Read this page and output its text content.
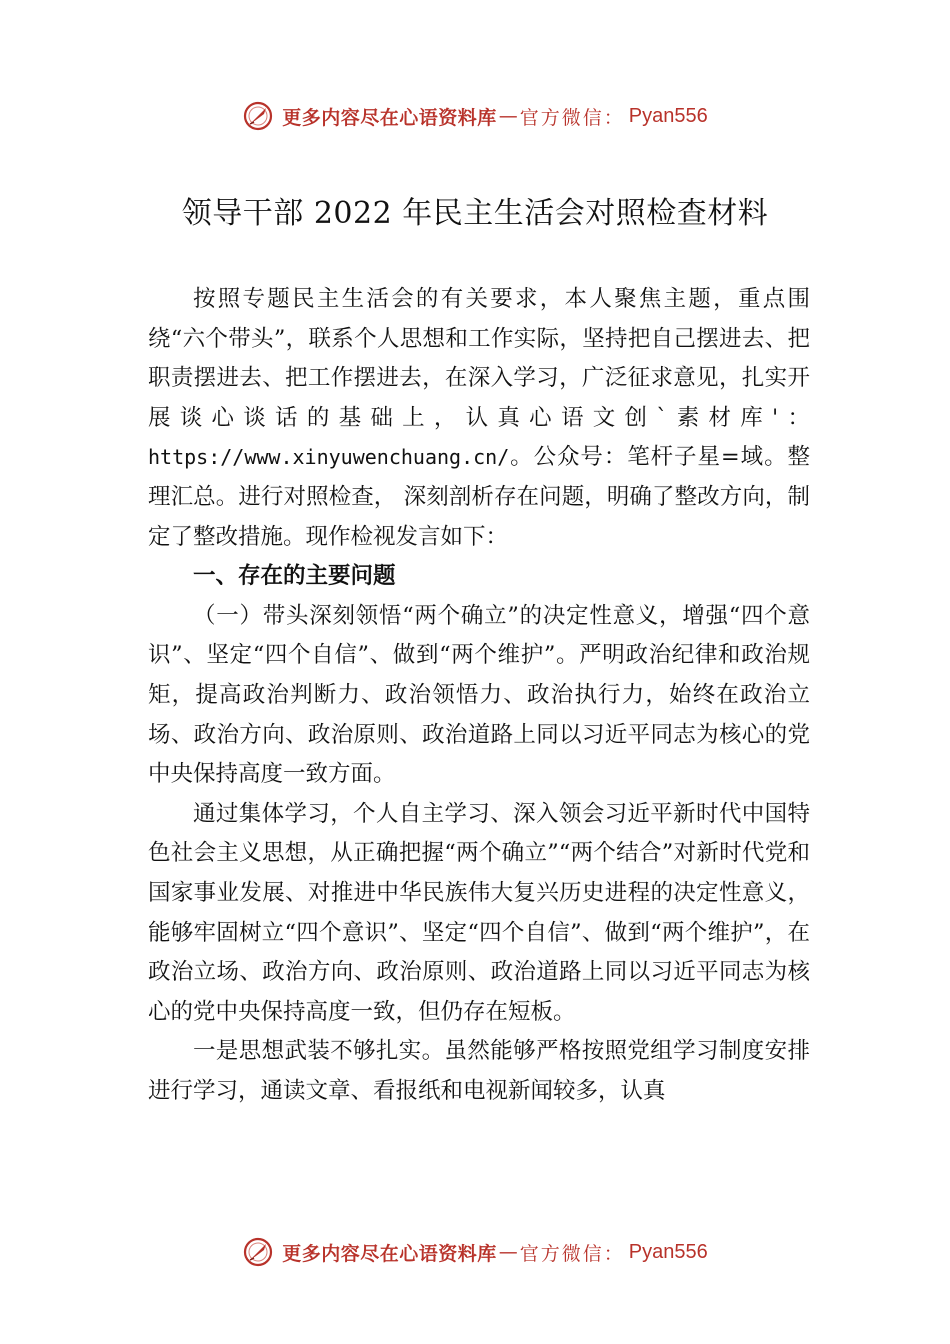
更多内容尽在心语资料库 — 官方微信： Pyan556
领导干部 2022 年民主生活会对照检查材料

按照专题民主生活会的有关要求，本人聚焦主题，重点围绕“六个带头”，联系个人思想和工作实际，坚持把自己摆进去、把职责摆进去、把工作摆进去，在深入学习，广泛征求意见，扎实开展谈心谈话的基础上，认真心语文创`素材库'：https://www.xinyuwenchuang.cn/。公众号：笔杆子星=域。整理汇总。进行对照检查， 深刻剖析存在问题，明确了整改方向，制定了整改措施。现作检视发言如下：

一、存在的主要问题

（一）带头深刻领悟“两个确立”的决定性意义，增强“四个意识”、坚定“四个自信”、做到“两个维护”。严明政治纪律和政治规矩，提高政治判断力、政治领悟力、政治执行力，始终在政治立场、政治方向、政治原则、政治道路上同以习近平同志为核心的党中央保持高度一致方面。

通过集体学习，个人自主学习、深入领会习近平新时代中国特色社会主义思想，从正确把握“两个确立”“两个结合”对新时代党和国家事业发展、对推进中华民族伟大复兴历史进程的决定性意义，能够牢固树立“四个意识”、坚定“四个自信”、做到“两个维护”，在政治立场、政治方向、政治原则、政治道路上同以习近平同志为核心的党中央保持高度一致，但仍存在短板。

一是思想武装不够扎实。虽然能够严格按照党组学习制度安排进行学习，通读文章、看报纸和电视新闻较多，认真

更多内容尽在心语资料库 — 官方微信： Pyan556
